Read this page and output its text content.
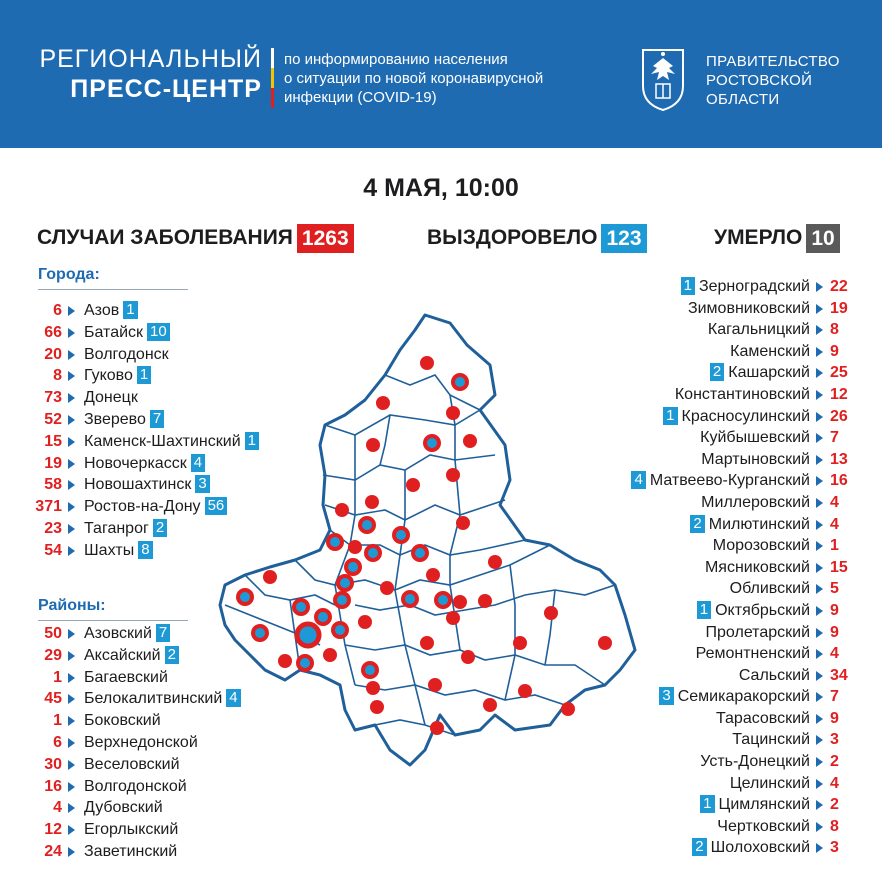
РЕГИОНАЛЬНЫЙ
ПРЕСС-ЦЕНТР
по информированию населения
о ситуации по новой коронавирусной
инфекции (COVID-19)
ПРАВИТЕЛЬСТВО
РОСТОВСКОЙ
ОБЛАСТИ
4 МАЯ, 10:00
СЛУЧАИ ЗАБОЛЕВАНИЯ 1263	ВЫЗДОРОВЕЛО 123	УМЕРЛО 10
Города:
6 Азов 1
66 Батайск 10
20 Волгодонск
8 Гуково 1
73 Донецк
52 Зверево 7
15 Каменск-Шахтинский 1
19 Новочеркасск 4
58 Новошахтинск 3
371 Ростов-на-Дону 56
23 Таганрог 2
54 Шахты 8
Районы:
50 Азовский 7
29 Аксайский 2
1 Багаевский
45 Белокалитвинский 4
1 Боковский
6 Верхнедонской
30 Веселовский
16 Волгодонской
4 Дубовский
12 Егорлыкский
24 Заветинский
1 Зерноградский 22
Зимовниковский 19
Кагальницкий 8
Каменский 9
2 Кашарский 25
Константиновский 12
1 Красносулинский 26
Куйбышевский 7
Мартыновский 13
4 Матвеево-Курганский 16
Миллеровский 4
2 Милютинский 4
Морозовский 1
Мясниковский 15
Обливский 5
1 Октябрьский 9
Пролетарский 9
Ремонтненский 4
Сальский 34
3 Семикаракорский 7
Тарасовский 9
Тацинский 3
Усть-Донецкий 2
Целинский 4
1 Цимлянский 2
Чертковский 8
2 Шолоховский 3
